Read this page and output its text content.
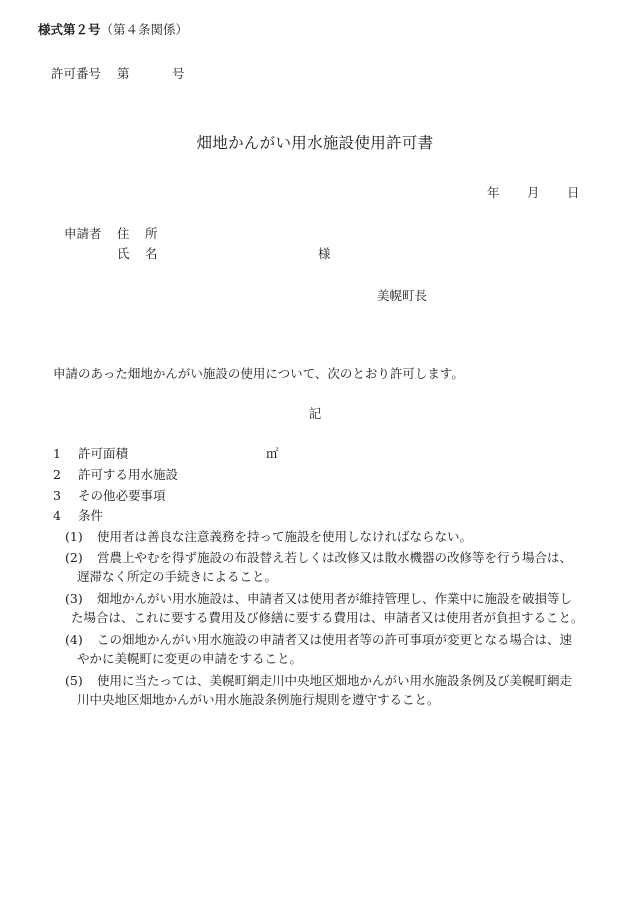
様式第２号（第４条関係）
許可番号 第	号
畑地かんがい用水施設使用許可書
年 月 日
申請者 住 所
氏 名	様
美幌町長
申請のあった畑地かんがい施設の使用について、次のとおり許可します。
記
1 許可面積	㎡
2 許可する用水施設
3 その他必要事項
4 条件
(1) 使用者は善良な注意義務を持って施設を使用しなければならない。
(2) 営農上やむを得ず施設の布設替え若しくは改修又は散水機器の改修等を行う場合は、
遅滞なく所定の手続きによること。
(3) 畑地かんがい用水施設は、申請者又は使用者が維持管理し、作業中に施設を破損等し
た場合は、これに要する費用及び修繕に要する費用は、申請者又は使用者が負担すること。
(4) この畑地かんがい用水施設の申請者又は使用者等の許可事項が変更となる場合は、速
やかに美幌町に変更の申請をすること。
(5) 使用に当たっては、美幌町網走川中央地区畑地かんがい用水施設条例及び美幌町網走
川中央地区畑地かんがい用水施設条例施行規則を遵守すること。
